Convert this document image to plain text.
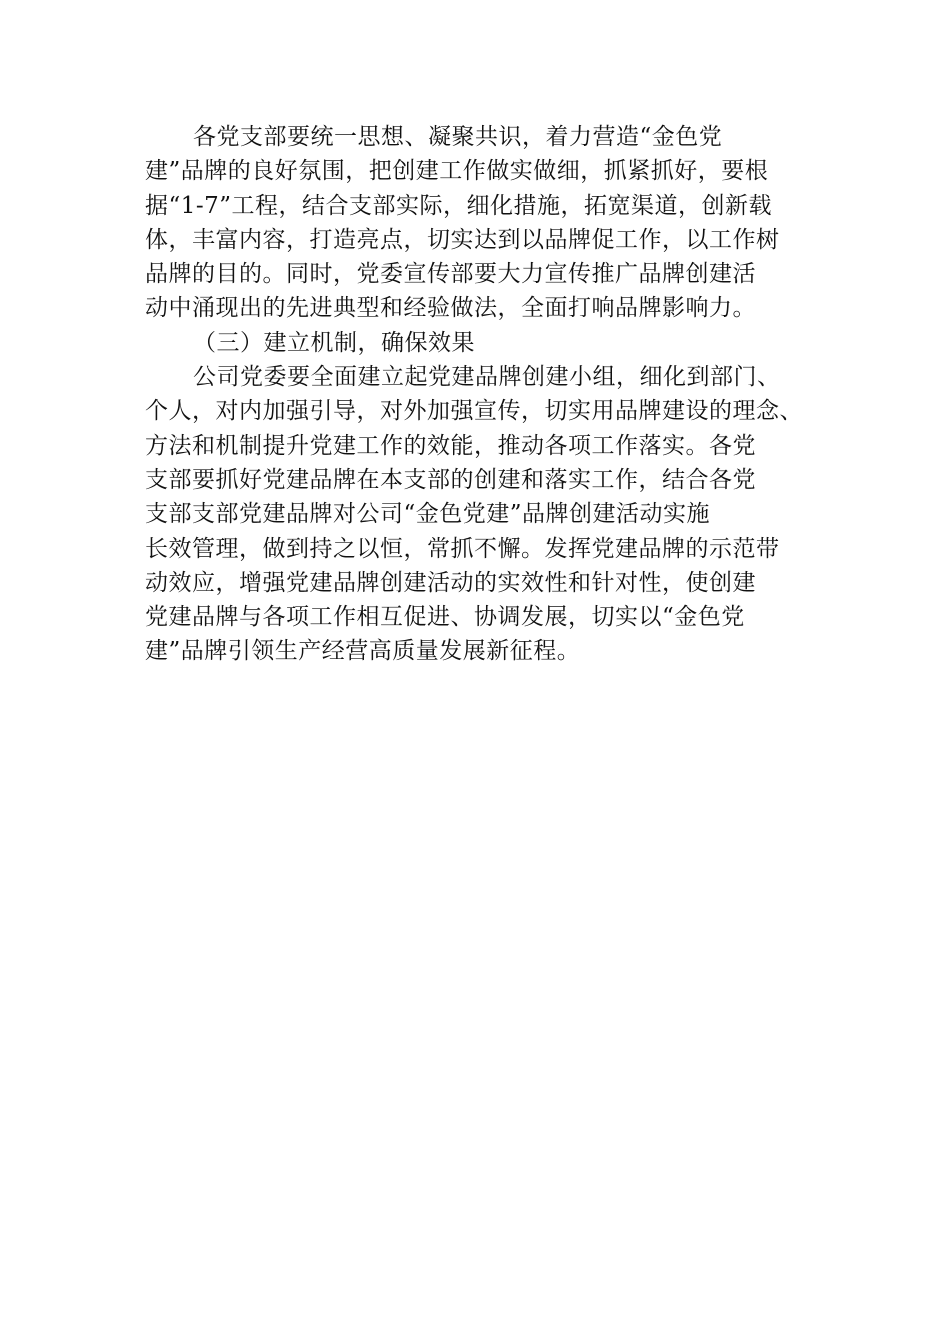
各党支部要统一思想、凝聚共识，着力营造“金色党
建”品牌的良好氛围，把创建工作做实做细，抓紧抓好，要根
据“1-7”工程，结合支部实际，细化措施，拓宽渠道，创新载
体，丰富内容，打造亮点，切实达到以品牌促工作，以工作树
品牌的目的。同时，党委宣传部要大力宣传推广品牌创建活
动中涌现出的先进典型和经验做法，全面打响品牌影响力。
（三）建立机制，确保效果
公司党委要全面建立起党建品牌创建小组，细化到部门、
个人，对内加强引导，对外加强宣传，切实用品牌建设的理念、
方法和机制提升党建工作的效能，推动各项工作落实。各党
支部要抓好党建品牌在本支部的创建和落实工作，结合各党
支部支部党建品牌对公司“金色党建”品牌创建活动实施
长效管理，做到持之以恒，常抓不懈。发挥党建品牌的示范带
动效应，增强党建品牌创建活动的实效性和针对性，使创建
党建品牌与各项工作相互促进、协调发展，切实以“金色党
建”品牌引领生产经营高质量发展新征程。
